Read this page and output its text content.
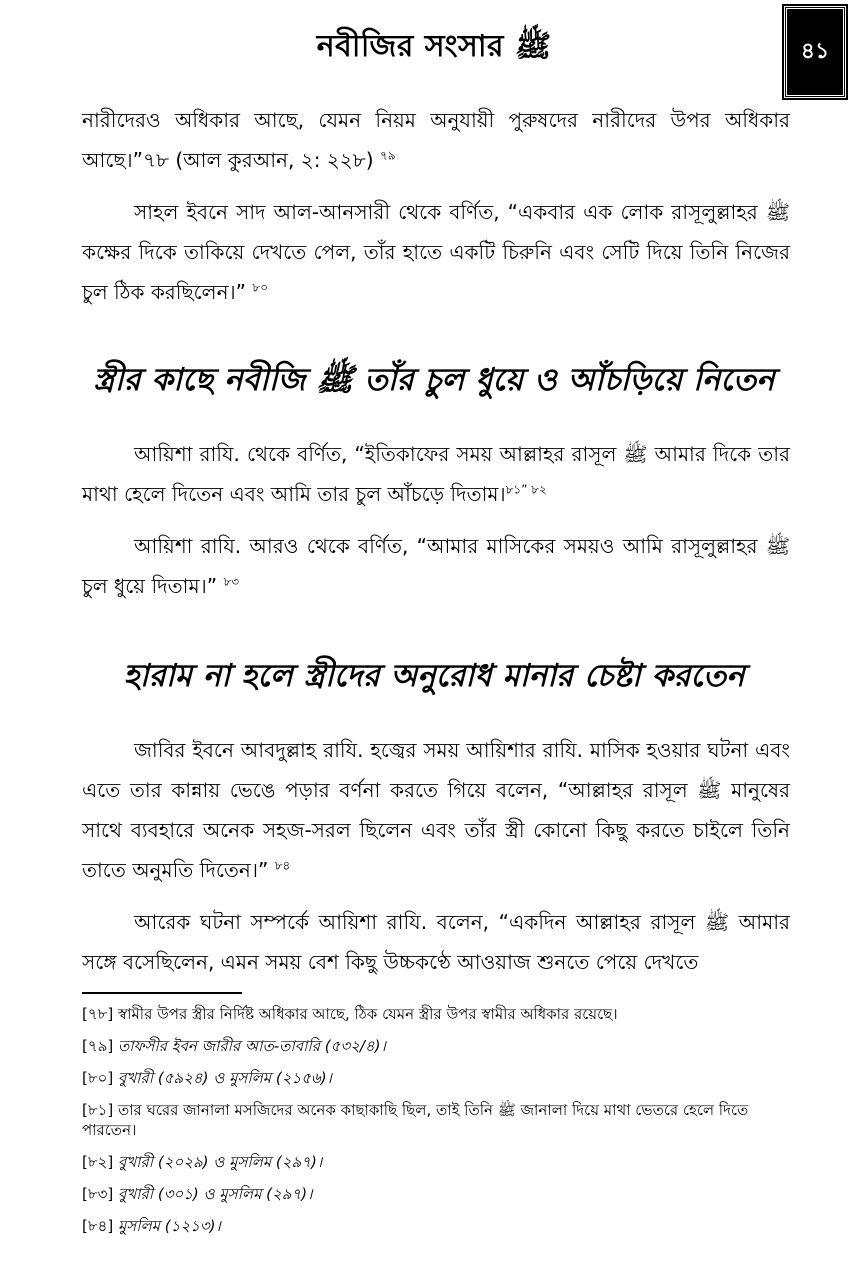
নবীজির সংসার ﷺ	৪১

নারীদেরও অধিকার আছে, যেমন নিয়ম অনুযায়ী পুরুষদের নারীদের উপর অধিকার আছে।”৭৮ (আল কুরআন, ২: ২২৮) $^{৭৯}$

সাহল ইবনে সাদ আল-আনসারী থেকে বর্ণিত, “একবার এক লোক রাসূলুল্লাহর ﷺ কক্ষের দিকে তাকিয়ে দেখতে পেল, তাঁর হাতে একটি চিরুনি এবং সেটি দিয়ে তিনি নিজের চুল ঠিক করছিলেন।” $^{৮০}$

স্ত্রীর কাছে নবীজি ﷺ তাঁর চুল ধুয়ে ও আঁচড়িয়ে নিতেন

আয়িশা রাযি. থেকে বর্ণিত, “ইতিকাফের সময় আল্লাহর রাসূল ﷺ আমার দিকে তার মাথা হেলে দিতেন এবং আমি তার চুল আঁচড়ে দিতাম।$^{৮১” ৮২}$

আয়িশা রাযি. আরও থেকে বর্ণিত, “আমার মাসিকের সময়ও আমি রাসূলুল্লাহর ﷺ চুল ধুয়ে দিতাম।” $^{৮৩}$

হারাম না হলে স্ত্রীদের অনুরোধ মানার চেষ্টা করতেন

জাবির ইবনে আবদুল্লাহ রাযি. হজ্বের সময় আয়িশার রাযি. মাসিক হওয়ার ঘটনা এবং এতে তার কান্নায় ভেঙে পড়ার বর্ণনা করতে গিয়ে বলেন, “আল্লাহর রাসূল ﷺ মানুষের সাথে ব্যবহারে অনেক সহজ-সরল ছিলেন এবং তাঁর স্ত্রী কোনো কিছু করতে চাইলে তিনি তাতে অনুমতি দিতেন।” $^{৮৪}$

আরেক ঘটনা সম্পর্কে আয়িশা রাযি. বলেন, “একদিন আল্লাহর রাসূল ﷺ আমার সঙ্গে বসেছিলেন, এমন সময় বেশ কিছু উচ্চকণ্ঠে আওয়াজ শুনতে পেয়ে দেখতে

[৭৮] স্বামীর উপর স্ত্রীর নির্দিষ্ট অধিকার আছে, ঠিক যেমন স্ত্রীর উপর স্বামীর অধিকার রয়েছে।
[৭৯] তাফসীর ইবন জারীর আত-তাবারি (৫৩২/৪)।
[৮০] বুখারী (৫৯২৪) ও মুসলিম (২১৫৬)।
[৮১] তার ঘরের জানালা মসজিদের অনেক কাছাকাছি ছিল, তাই তিনি ﷺ জানালা দিয়ে মাথা ভেতরে হেলে দিতে পারতেন।
[৮২] বুখারী (২০২৯) ও মুসলিম (২৯৭)।
[৮৩] বুখারী (৩০১) ও মুসলিম (২৯৭)।
[৮৪] মুসলিম (১২১৩)।
